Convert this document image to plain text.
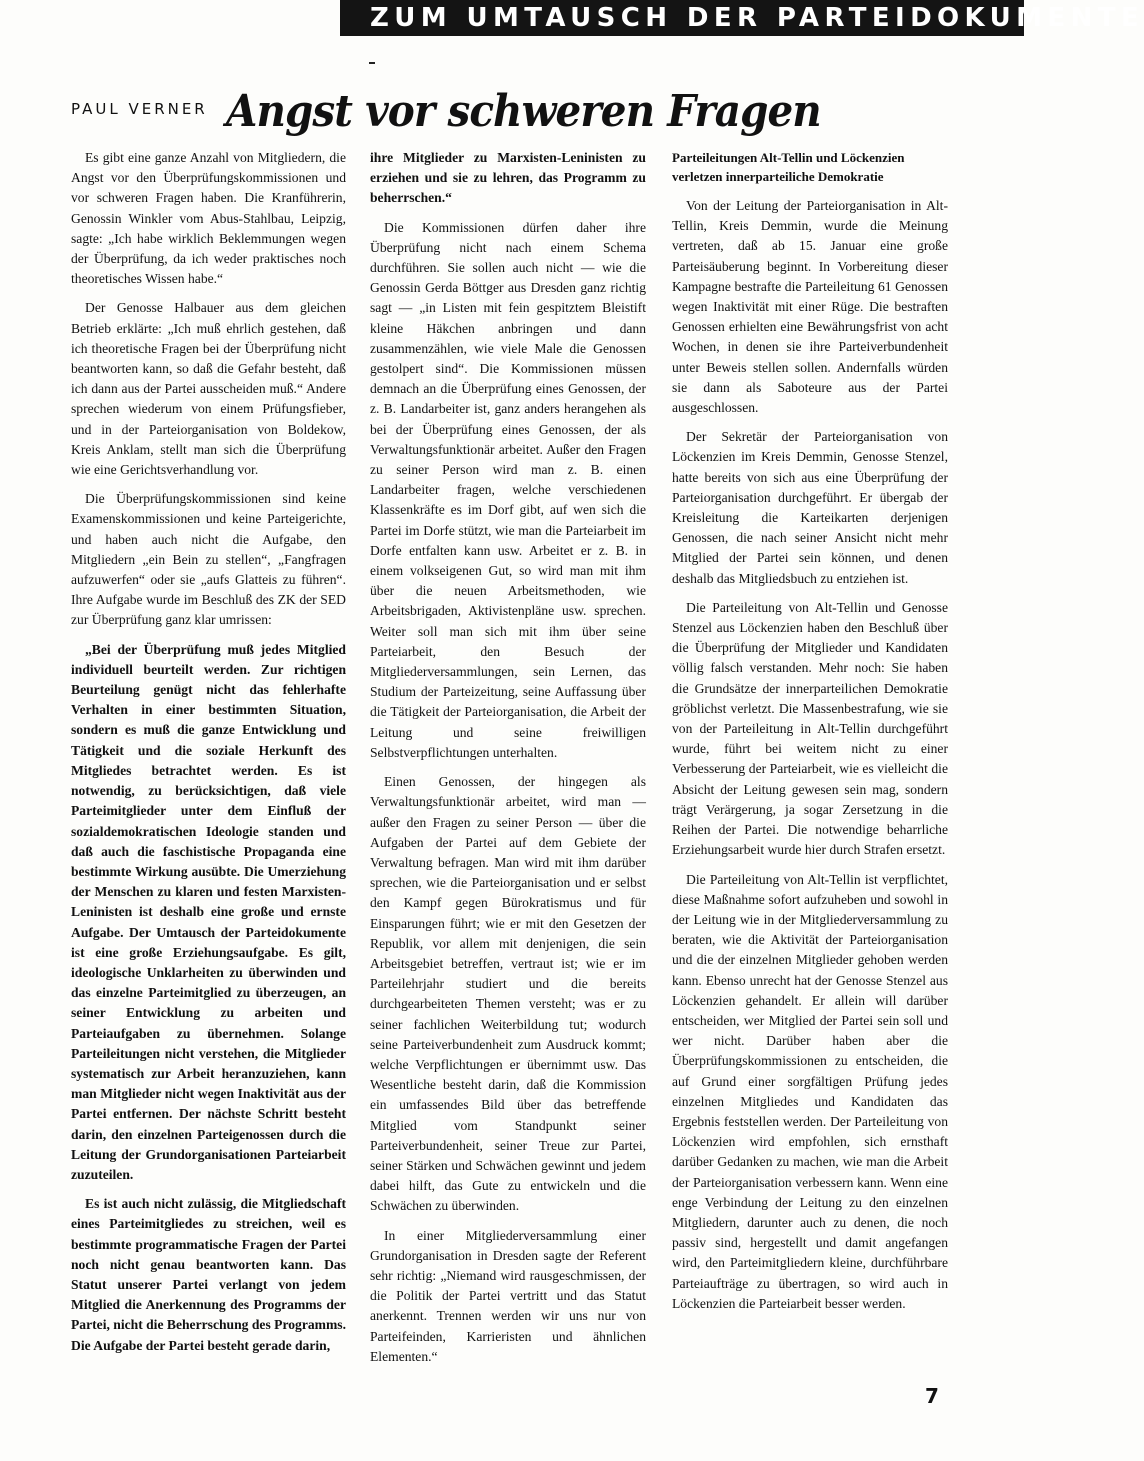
ZUM UMTAUSCH DER PARTEIDOKUMENTE
PAUL VERNER Angst vor schweren Fragen

Es gibt eine ganze Anzahl von Mitgliedern, die Angst vor den Überprüfungskommissionen und vor schweren Fragen haben. Die Kranführerin, Genossin Winkler vom Abus-Stahlbau, Leipzig, sagte: „Ich habe wirklich Beklemmungen wegen der Überprüfung, da ich weder praktisches noch theoretisches Wissen habe.“

Der Genosse Halbauer aus dem gleichen Betrieb erklärte: „Ich muß ehrlich gestehen, daß ich theoretische Fragen bei der Überprüfung nicht beantworten kann, so daß die Gefahr besteht, daß ich dann aus der Partei ausscheiden muß.“ Andere sprechen wiederum von einem Prüfungsfieber, und in der Parteiorganisation von Boldekow, Kreis Anklam, stellt man sich die Überprüfung wie eine Gerichtsverhandlung vor.

Die Überprüfungskommissionen sind keine Examenskommissionen und keine Parteigerichte, und haben auch nicht die Aufgabe, den Mitgliedern „ein Bein zu stellen“, „Fangfragen aufzuwerfen“ oder sie „aufs Glatteis zu führen“. Ihre Aufgabe wurde im Beschluß des ZK der SED zur Überprüfung ganz klar umrissen:

„Bei der Überprüfung muß jedes Mitglied individuell beurteilt werden. Zur richtigen Beurteilung genügt nicht das fehlerhafte Verhalten in einer bestimmten Situation, sondern es muß die ganze Entwicklung und Tätigkeit und die soziale Herkunft des Mitgliedes betrachtet werden. Es ist notwendig, zu berücksichtigen, daß viele Parteimitglieder unter dem Einfluß der sozialdemokratischen Ideologie standen und daß auch die faschistische Propaganda eine bestimmte Wirkung ausübte. Die Umerziehung der Menschen zu klaren und festen Marxisten-Leninisten ist deshalb eine große und ernste Aufgabe. Der Umtausch der Parteidokumente ist eine große Erziehungsaufgabe. Es gilt, ideologische Unklarheiten zu überwinden und das einzelne Parteimitglied zu überzeugen, an seiner Entwicklung zu arbeiten und Parteiaufgaben zu übernehmen. Solange Parteileitungen nicht verstehen, die Mitglieder systematisch zur Arbeit heranzuziehen, kann man Mitglieder nicht wegen Inaktivität aus der Partei entfernen. Der nächste Schritt besteht darin, den einzelnen Parteigenossen durch die Leitung der Grundorganisationen Parteiarbeit zuzuteilen.

Es ist auch nicht zulässig, die Mitgliedschaft eines Parteimitgliedes zu streichen, weil es bestimmte programmatische Fragen der Partei noch nicht genau beantworten kann. Das Statut unserer Partei verlangt von jedem Mitglied die Anerkennung des Programms der Partei, nicht die Beherrschung des Programms. Die Aufgabe der Partei besteht gerade darin,

ihre Mitglieder zu Marxisten-Leninisten zu erziehen und sie zu lehren, das Programm zu beherrschen.“

Die Kommissionen dürfen daher ihre Überprüfung nicht nach einem Schema durchführen. Sie sollen auch nicht — wie die Genossin Gerda Böttger aus Dresden ganz richtig sagt — „in Listen mit fein gespitztem Bleistift kleine Häkchen anbringen und dann zusammenzählen, wie viele Male die Genossen gestolpert sind“. Die Kommissionen müssen demnach an die Überprüfung eines Genossen, der z. B. Landarbeiter ist, ganz anders herangehen als bei der Überprüfung eines Genossen, der als Verwaltungsfunktionär arbeitet. Außer den Fragen zu seiner Person wird man z. B. einen Landarbeiter fragen, welche verschiedenen Klassenkräfte es im Dorf gibt, auf wen sich die Partei im Dorfe stützt, wie man die Parteiarbeit im Dorfe entfalten kann usw. Arbeitet er z. B. in einem volkseigenen Gut, so wird man mit ihm über die neuen Arbeitsmethoden, wie Arbeitsbrigaden, Aktivistenpläne usw. sprechen. Weiter soll man sich mit ihm über seine Parteiarbeit, den Besuch der Mitgliederversammlungen, sein Lernen, das Studium der Parteizeitung, seine Auffassung über die Tätigkeit der Parteiorganisation, die Arbeit der Leitung und seine freiwilligen Selbstverpflichtungen unterhalten.

Einen Genossen, der hingegen als Verwaltungsfunktionär arbeitet, wird man — außer den Fragen zu seiner Person — über die Aufgaben der Partei auf dem Gebiete der Verwaltung befragen. Man wird mit ihm darüber sprechen, wie die Parteiorganisation und er selbst den Kampf gegen Bürokratismus und für Einsparungen führt; wie er mit den Gesetzen der Republik, vor allem mit denjenigen, die sein Arbeitsgebiet betreffen, vertraut ist; wie er im Parteilehrjahr studiert und die bereits durchgearbeiteten Themen versteht; was er zu seiner fachlichen Weiterbildung tut; wodurch seine Parteiverbundenheit zum Ausdruck kommt; welche Verpflichtungen er übernimmt usw. Das Wesentliche besteht darin, daß die Kommission ein umfassendes Bild über das betreffende Mitglied vom Standpunkt seiner Parteiverbundenheit, seiner Treue zur Partei, seiner Stärken und Schwächen gewinnt und jedem dabei hilft, das Gute zu entwickeln und die Schwächen zu überwinden.

In einer Mitgliederversammlung einer Grundorganisation in Dresden sagte der Referent sehr richtig: „Niemand wird rausgeschmissen, der die Politik der Partei vertritt und das Statut anerkennt. Trennen werden wir uns nur von Parteifeinden, Karrieristen und ähnlichen Elementen.“

Parteileitungen Alt-Tellin und Löckenzien verletzen innerparteiliche Demokratie

Von der Leitung der Parteiorganisation in Alt-Tellin, Kreis Demmin, wurde die Meinung vertreten, daß ab 15. Januar eine große Parteisäuberung beginnt. In Vorbereitung dieser Kampagne bestrafte die Parteileitung 61 Genossen wegen Inaktivität mit einer Rüge. Die bestraften Genossen erhielten eine Bewährungsfrist von acht Wochen, in denen sie ihre Parteiverbundenheit unter Beweis stellen sollen. Andernfalls würden sie dann als Saboteure aus der Partei ausgeschlossen.

Der Sekretär der Parteiorganisation von Löckenzien im Kreis Demmin, Genosse Stenzel, hatte bereits von sich aus eine Überprüfung der Parteiorganisation durchgeführt. Er übergab der Kreisleitung die Karteikarten derjenigen Genossen, die nach seiner Ansicht nicht mehr Mitglied der Partei sein können, und denen deshalb das Mitgliedsbuch zu entziehen ist.

Die Parteileitung von Alt-Tellin und Genosse Stenzel aus Löckenzien haben den Beschluß über die Überprüfung der Mitglieder und Kandidaten völlig falsch verstanden. Mehr noch: Sie haben die Grundsätze der innerparteilichen Demokratie gröblichst verletzt. Die Massenbestrafung, wie sie von der Parteileitung in Alt-Tellin durchgeführt wurde, führt bei weitem nicht zu einer Verbesserung der Parteiarbeit, wie es vielleicht die Absicht der Leitung gewesen sein mag, sondern trägt Verärgerung, ja sogar Zersetzung in die Reihen der Partei. Die notwendige beharrliche Erziehungsarbeit wurde hier durch Strafen ersetzt.

Die Parteileitung von Alt-Tellin ist verpflichtet, diese Maßnahme sofort aufzuheben und sowohl in der Leitung wie in der Mitgliederversammlung zu beraten, wie die Aktivität der Parteiorganisation und die der einzelnen Mitglieder gehoben werden kann. Ebenso unrecht hat der Genosse Stenzel aus Löckenzien gehandelt. Er allein will darüber entscheiden, wer Mitglied der Partei sein soll und wer nicht. Darüber haben aber die Überprüfungskommissionen zu entscheiden, die auf Grund einer sorgfältigen Prüfung jedes einzelnen Mitgliedes und Kandidaten das Ergebnis feststellen werden. Der Parteileitung von Löckenzien wird empfohlen, sich ernsthaft darüber Gedanken zu machen, wie man die Arbeit der Parteiorganisation verbessern kann. Wenn eine enge Verbindung der Leitung zu den einzelnen Mitgliedern, darunter auch zu denen, die noch passiv sind, hergestellt und damit angefangen wird, den Parteimitgliedern kleine, durchführbare Parteiaufträge zu übertragen, so wird auch in Löckenzien die Parteiarbeit besser werden.

7
